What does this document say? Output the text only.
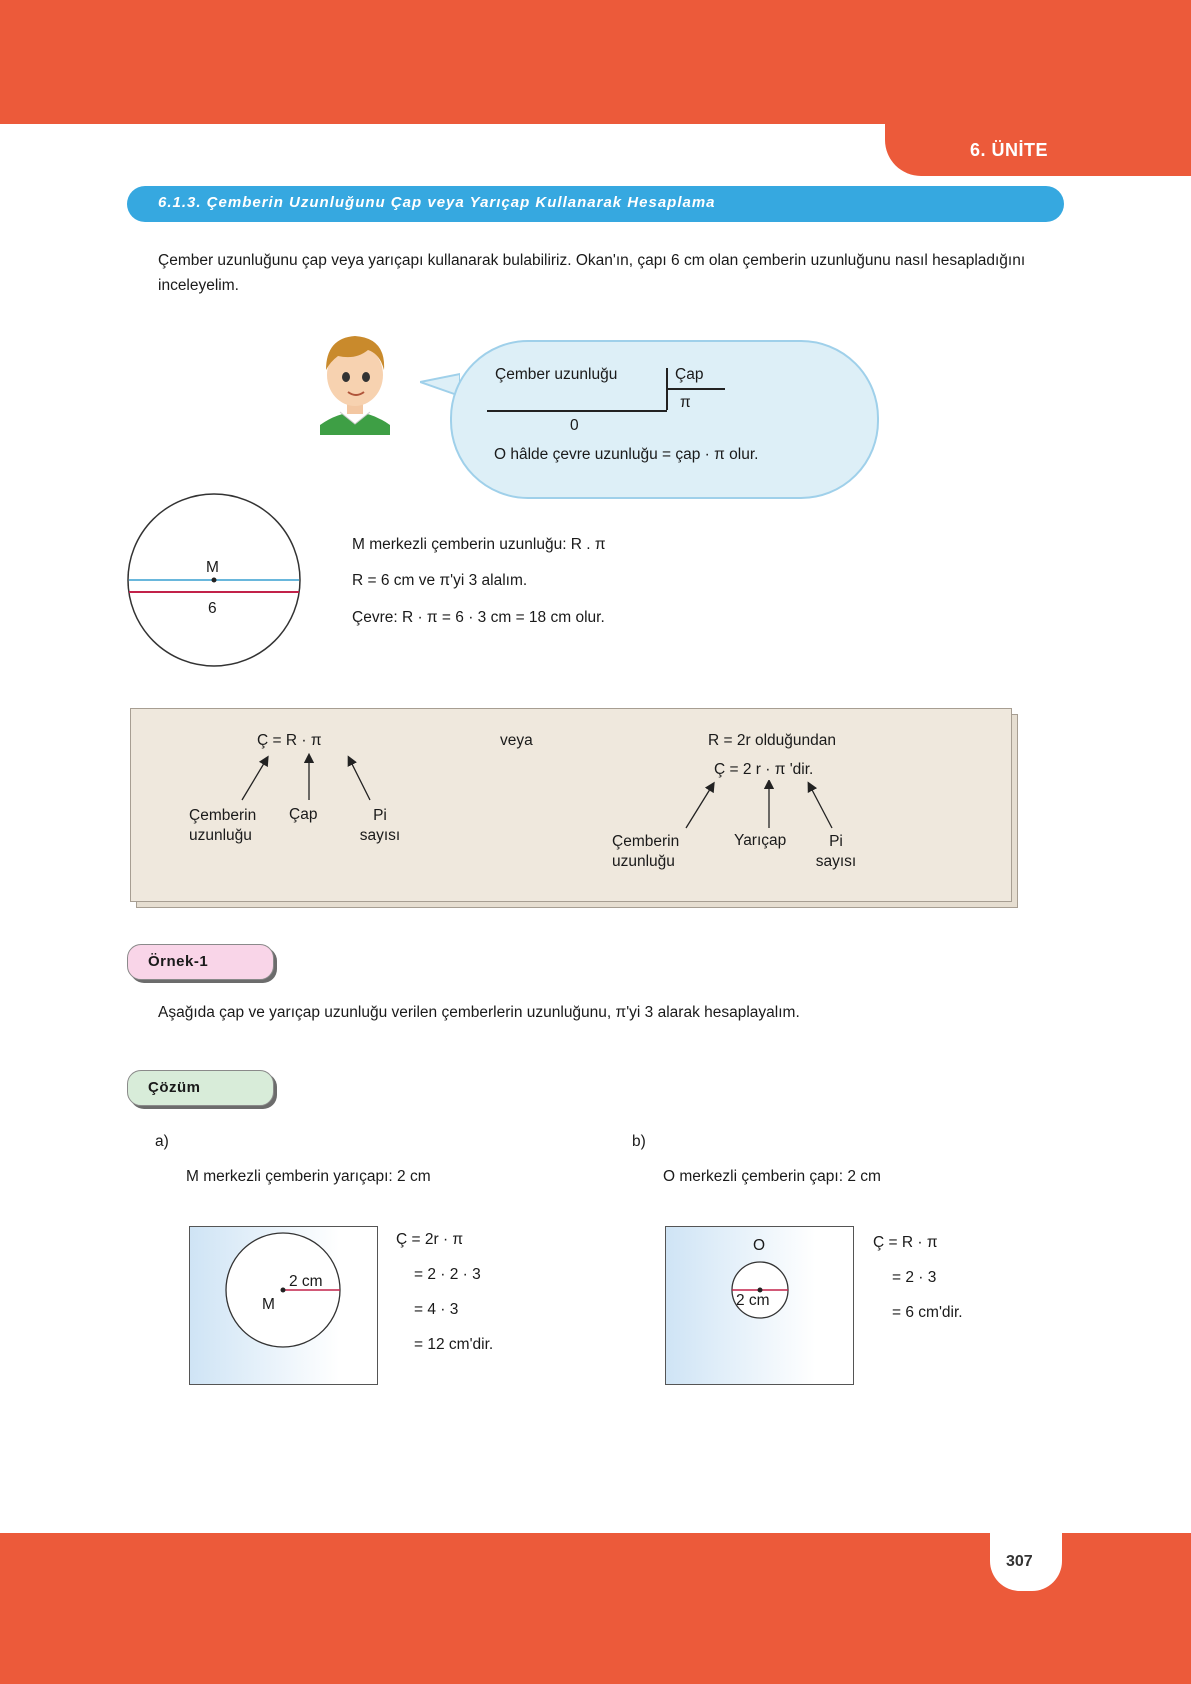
6. ÜNİTE
6.1.3. Çemberin Uzunluğunu Çap veya Yarıçap Kullanarak Hesaplama
Çember uzunluğunu çap veya yarıçapı kullanarak bulabiliriz. Okan'ın, çapı 6 cm olan çemberin uzunluğunu nasıl hesapladığını inceleyelim.
Çember uzunluğu	Çap
π
0
O hâlde çevre uzunluğu = çap · π olur.
M
6
M merkezli çemberin uzunluğu: R . π
R = 6 cm ve π'yi 3 alalım.
Çevre: R · π = 6 · 3 cm = 18 cm olur.
Ç = R · π
Çemberin
uzunluğu
Çap	Pi
sayısı
veya	R = 2r olduğundan
Ç = 2 r · π 'dir.
Çemberin
uzunluğu
Yarıçap	Pi
sayısı
Örnek-1
Aşağıda çap ve yarıçap uzunluğu verilen çemberlerin uzunluğunu, π'yi 3 alarak hesaplayalım.
Çözüm
a)
M merkezli çemberin yarıçapı: 2 cm
2 cm
M
Ç = 2r · π
= 2 · 2 · 3
= 4 · 3
= 12 cm'dir.
b)
O merkezli çemberin çapı: 2 cm
O
2 cm
Ç = R · π
= 2 · 3
= 6 cm'dir.
307
